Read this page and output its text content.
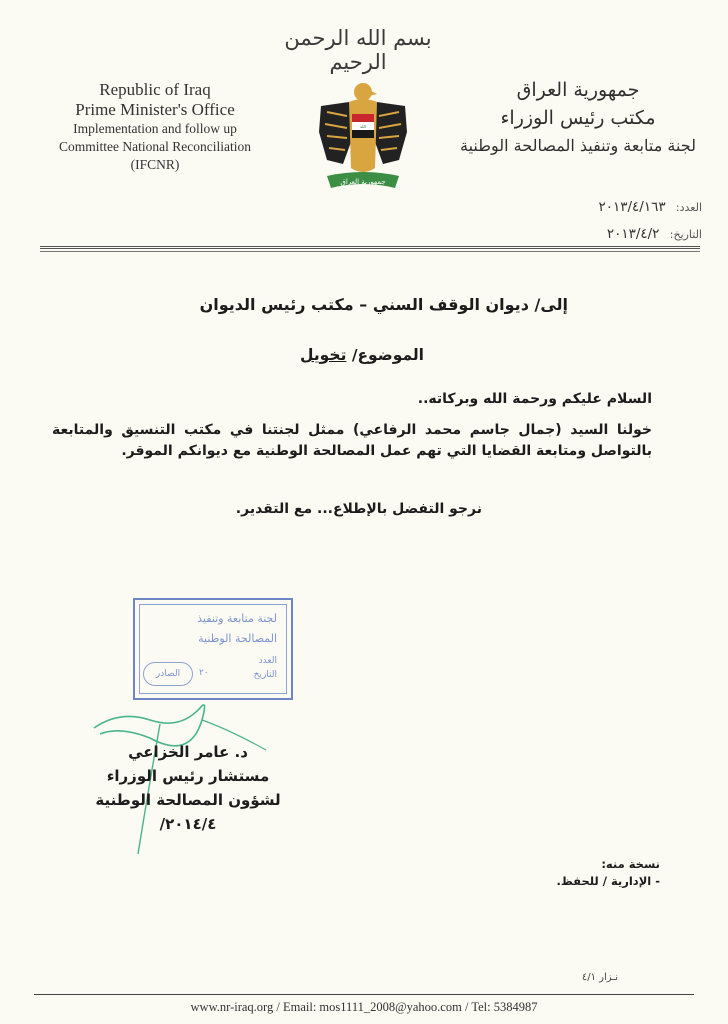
بسم الله الرحمن الرحيم
Republic of Iraq
Prime Minister's Office
Implementation and follow up
Committee National Reconciliation
(IFCNR)
الله
جمهورية العراق
جمهورية العراق
مكتب رئيس الوزراء
لجنة متابعة وتنفيذ المصالحة الوطنية
العدد: ٢٠١٣/٤/١٦٣
التاريخ: ٢٠١٣/٤/٢
إلى/ ديوان الوقف السني – مكتب رئيس الديوان
الموضوع/ تخويل
السلام عليكم ورحمة الله وبركاته..
خولنا السيد (جمال جاسم محمد الرفاعي) ممثل لجنتنا في مكتب التنسيق والمتابعة بالتواصل ومتابعة القضايا التي تهم عمل المصالحة الوطنية مع ديوانكم الموقر.
نرجو التفضل بالإطلاع... مع التقدير.
لجنة متابعة وتنفيذ
المصالحة الوطنية
العدد
التاريخ
٢٠
الصادر
د. عامر الخزاعي
مستشار رئيس الوزراء
لشؤون المصالحة الوطنية
٢٠١٤/٤/
نسخة منه:
- الإدارية / للحفظ.
نـزار ٤/١
www.nr-iraq.org / Email: mos1111_2008@yahoo.com / Tel: 5384987
